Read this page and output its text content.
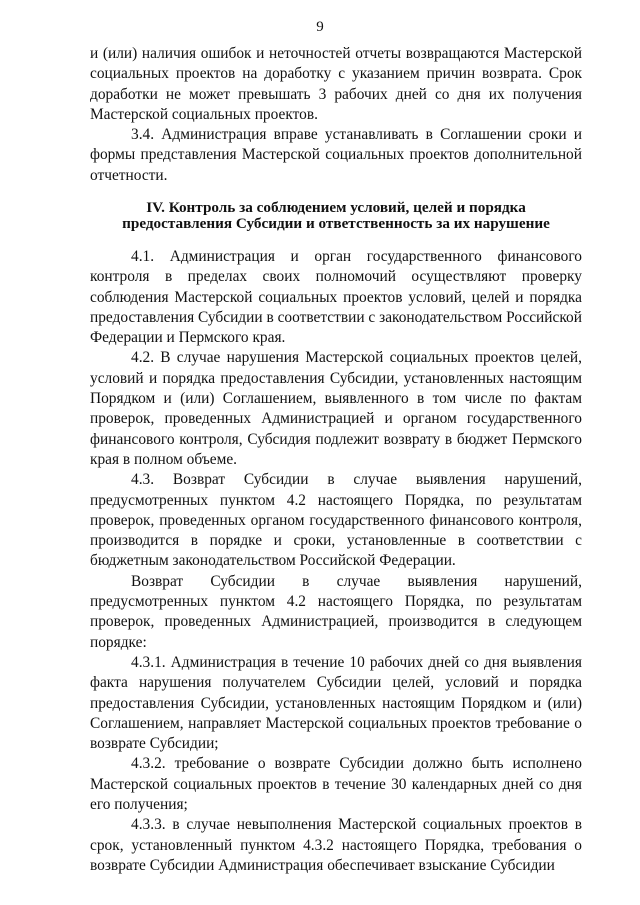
9

и (или) наличия ошибок и неточностей отчеты возвращаются Мастерской социальных проектов на доработку с указанием причин возврата. Срок доработки не может превышать 3 рабочих дней со дня их получения Мастерской социальных проектов.

3.4. Администрация вправе устанавливать в Соглашении сроки и формы представления Мастерской социальных проектов дополнительной отчетности.

IV. Контроль за соблюдением условий, целей и порядка
предоставления Субсидии и ответственность за их нарушение

4.1. Администрация и орган государственного финансового контроля в пределах своих полномочий осуществляют проверку соблюдения Мастерской социальных проектов условий, целей и порядка предоставления Субсидии в соответствии с законодательством Российской Федерации и Пермского края.

4.2. В случае нарушения Мастерской социальных проектов целей, условий и порядка предоставления Субсидии, установленных настоящим Порядком и (или) Соглашением, выявленного в том числе по фактам проверок, проведенных Администрацией и органом государственного финансового контроля, Субсидия подлежит возврату в бюджет Пермского края в полном объеме.

4.3. Возврат Субсидии в случае выявления нарушений, предусмотренных пунктом 4.2 настоящего Порядка, по результатам проверок, проведенных органом государственного финансового контроля, производится в порядке и сроки, установленные в соответствии с бюджетным законодательством Российской Федерации.

Возврат Субсидии в случае выявления нарушений, предусмотренных пунктом 4.2 настоящего Порядка, по результатам проверок, проведенных Администрацией, производится в следующем порядке:

4.3.1. Администрация в течение 10 рабочих дней со дня выявления факта нарушения получателем Субсидии целей, условий и порядка предоставления Субсидии, установленных настоящим Порядком и (или) Соглашением, направляет Мастерской социальных проектов требование о возврате Субсидии;

4.3.2. требование о возврате Субсидии должно быть исполнено Мастерской социальных проектов в течение 30 календарных дней со дня его получения;

4.3.3. в случае невыполнения Мастерской социальных проектов в срок, установленный пунктом 4.3.2 настоящего Порядка, требования о возврате Субсидии Администрация обеспечивает взыскание Субсидии
